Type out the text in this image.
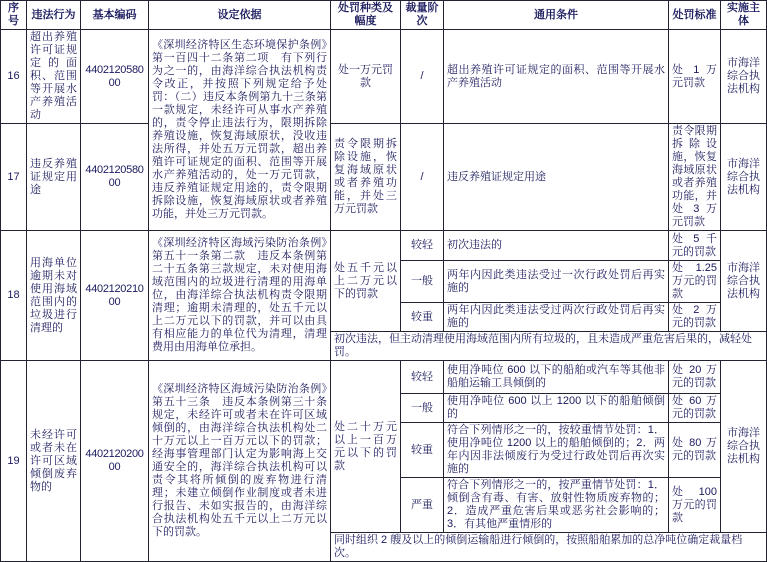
序号	违法行为	基本编码	设定依据	处罚种类及幅度	裁量阶次	通用条件	处罚标准	实施主体
16	超出养殖许可证规定的面积、范围等开展水产养殖活动	440212058000	《深圳经济特区生态环境保护条例》第一百四十二条第二项　有下列行为之一的，由海洋综合执法机构责令改正，并按照下列规定给予处罚：（二）违反本条例第九十三条第一款规定，未经许可从事水产养殖的，责令停止违法行为，限期拆除养殖设施，恢复海域原状，没收违法所得，并处五万元罚款，超出养殖许可证规定的面积、范围等开展水产养殖活动的，处一万元罚款，违反养殖证规定用途的，责令限期拆除设施，恢复海域原状或者养殖功能，并处三万元罚款。	处一万元罚款	/	超出养殖许可证规定的面积、范围等开展水产养殖活动	处 1 万元罚款	市海洋综合执法机构
17	违反养殖证规定用途	440212058000		责令限期拆除设施，恢复海域原状或者养殖功能，并处三万元罚款	/	违反养殖证规定用途	责令限期拆除设施，恢复海域原状或者养殖功能，并处 3 万元罚款	市海洋综合执法机构
18	用海单位逾期未对使用海域范围内的垃圾进行清理的	440212021000	《深圳经济特区海域污染防治条例》第五十一条第二款　违反本条例第二十五条第三款规定，未对使用海域范围内的垃圾进行清理的用海单位，由海洋综合执法机构责令限期清理；逾期未清理的，处五千元以上二万元以下的罚款，并可以由具有相应能力的单位代为清理，清理费用由用海单位承担。	处五千元以上二万元以下的罚款	较轻	初次违法的	处 5 千元的罚款	市海洋综合执法机构
					一般	两年内因此类违法受过一次行政处罚后再实施的	处 1.25 万元的罚款	
					较重	两年内因此类违法受过两次行政处罚后再实施的	处 2 万元的罚款	
				初次违法，但主动清理使用海域范围内所有垃圾的，且未造成严重危害后果的，减轻处罚。				
19	未经许可或者未在许可区域倾倒废弃物的	440212020000	《深圳经济特区海域污染防治条例》第五十三条　违反本条例第三十条规定，未经许可或者未在许可区域倾倒的，由海洋综合执法机构处二十万元以上一百万元以下的罚款；经海事管理部门认定为影响海上交通安全的，海洋综合执法机构可以责令其将所倾倒的废弃物进行清理；未建立倾倒作业制度或者未进行报告、未如实报告的，由海洋综合执法机构处五千元以上二万元以下的罚款。	处二十万元以上一百万元以下的罚款	较轻	使用净吨位 600 以下的船舶或汽车等其他非船舶运输工具倾倒的	处 20 万元的罚款	市海洋综合执法机构
					一般	使用净吨位 600 以上 1200 以下的船舶倾倒的	处 60 万元的罚款	
					较重	符合下列情形之一的，按较重情节处罚：1．使用净吨位 1200 以上的船舶倾倒的；2．两年内因非法倾废行为受过行政处罚后再次实施的	处 80 万元的罚款	
					严重	符合下列情形之一的，按严重情节处罚：1．倾倒含有毒、有害、放射性物质废弃物的；2．造成严重危害后果或恶劣社会影响的；3．有其他严重情形的	处 100 万元的罚款	
				同时组织 2 艘及以上的倾倒运输船进行倾倒的，按照船舶累加的总净吨位确定裁量档次。				
